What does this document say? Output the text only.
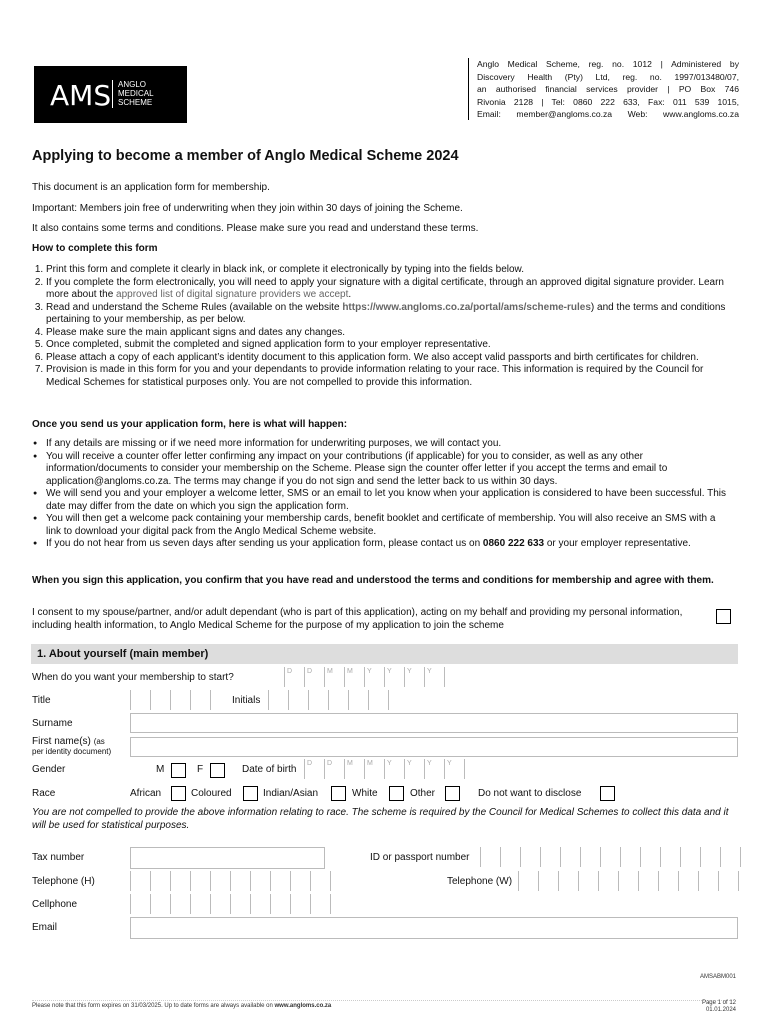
AMS ANGLO
MEDICAL
SCHEME
Anglo Medical Scheme, reg. no. 1012 | Administered by
Discovery Health (Pty) Ltd, reg. no. 1997/013480/07,
an authorised financial services provider | PO Box 746
Rivonia 2128 | Tel: 0860 222 633, Fax: 011 539 1015,
Email: member@angloms.co.za Web: www.angloms.co.za
Applying to become a member of Anglo Medical Scheme 2024
This document is an application form for membership.
Important: Members join free of underwriting when they join within 30 days of joining the Scheme.
It also contains some terms and conditions. Please make sure you read and understand these terms.
How to complete this form
1. Print this form and complete it clearly in black ink, or complete it electronically by typing into the fields below.
2. If you complete the form electronically, you will need to apply your signature with a digital certificate, through an approved digital signature provider. Learn more about the approved list of digital signature providers we accept.
3. Read and understand the Scheme Rules (available on the website https://www.angloms.co.za/portal/ams/scheme-rules) and the terms and conditions pertaining to your membership, as per below.
4. Please make sure the main applicant signs and dates any changes.
5. Once completed, submit the completed and signed application form to your employer representative.
6. Please attach a copy of each applicant’s identity document to this application form. We also accept valid passports and birth certificates for children.
7. Provision is made in this form for you and your dependants to provide information relating to your race. This information is required by the Council for Medical Schemes for statistical purposes only. You are not compelled to provide this information.
Once you send us your application form, here is what will happen:
● If any details are missing or if we need more information for underwriting purposes, we will contact you.
● You will receive a counter offer letter confirming any impact on your contributions (if applicable) for you to consider, as well as any other information/documents to consider your membership on the Scheme. Please sign the counter offer letter if you accept the terms and email to application@angloms.co.za. The terms may change if you do not sign and send the letter back to us within 30 days.
● We will send you and your employer a welcome letter, SMS or an email to let you know when your application is considered to have been successful. This date may differ from the date on which you sign the application form.
● You will then get a welcome pack containing your membership cards, benefit booklet and certificate of membership. You will also receive an SMS with a link to download your digital pack from the Anglo Medical Scheme website.
● If you do not hear from us seven days after sending us your application form, please contact us on 0860 222 633 or your employer representative.
When you sign this application, you confirm that you have read and understood the terms and conditions for membership and agree with them.
I consent to my spouse/partner, and/or adult dependant (who is part of this application), acting on my behalf and providing my personal information, including health information, to Anglo Medical Scheme for the purpose of my application to join the scheme
1. About yourself (main member)
When do you want your membership to start?
D D M M Y Y Y Y
Title	Initials
Surname
First name(s) (as
per identity document)
Gender	M	F	Date of birth
D D M M Y Y Y Y
Race	African	Coloured	Indian/Asian	White	Other	Do not want to disclose
You are not compelled to provide the above information relating to race. The scheme is required by the Council for Medical Schemes to collect this data and it will be used for statistical purposes.
Tax number	ID or passport number
Telephone (H)	Telephone (W)
Cellphone
Email
AMSABM001
Please note that this form expires on 31/03/2025. Up to date forms are always available on www.angloms.co.za	Page 1 of 12
01.01.2024
